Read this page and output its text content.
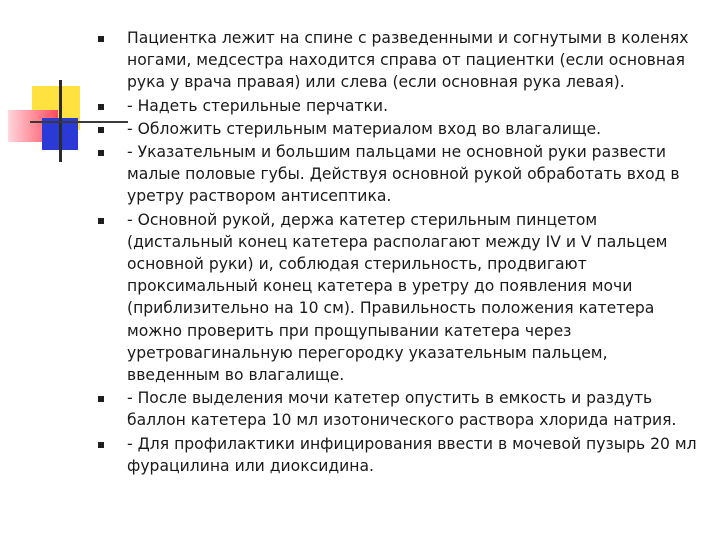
Пациентка лежит на спине с разведенными и согнутыми в коленях ногами, медсестра находится справа от пациентки (если основная рука у врача правая) или слева (если основная рука левая).
- Надеть стерильные перчатки.
- Обложить стерильным материалом вход во влагалище.
- Указательным и большим пальцами не основной руки развести малые половые губы. Действуя основной рукой обработать вход в уретру раствором антисептика.
- Основной рукой, держа катетер стерильным пинцетом (дистальный конец катетера располагают между IV и V пальцем основной руки) и, соблюдая стерильность, продвигают проксимальный конец катетера в уретру до появления мочи (приблизительно на 10 см). Правильность положения катетера можно проверить при прощупывании катетера через уретровагинальную перегородку указательным пальцем, введенным во влагалище.
- После выделения мочи катетер опустить в емкость и раздуть баллон катетера 10 мл изотонического раствора хлорида натрия.
- Для профилактики инфицирования ввести в мочевой пузырь 20 мл фурацилина или диоксидина.
